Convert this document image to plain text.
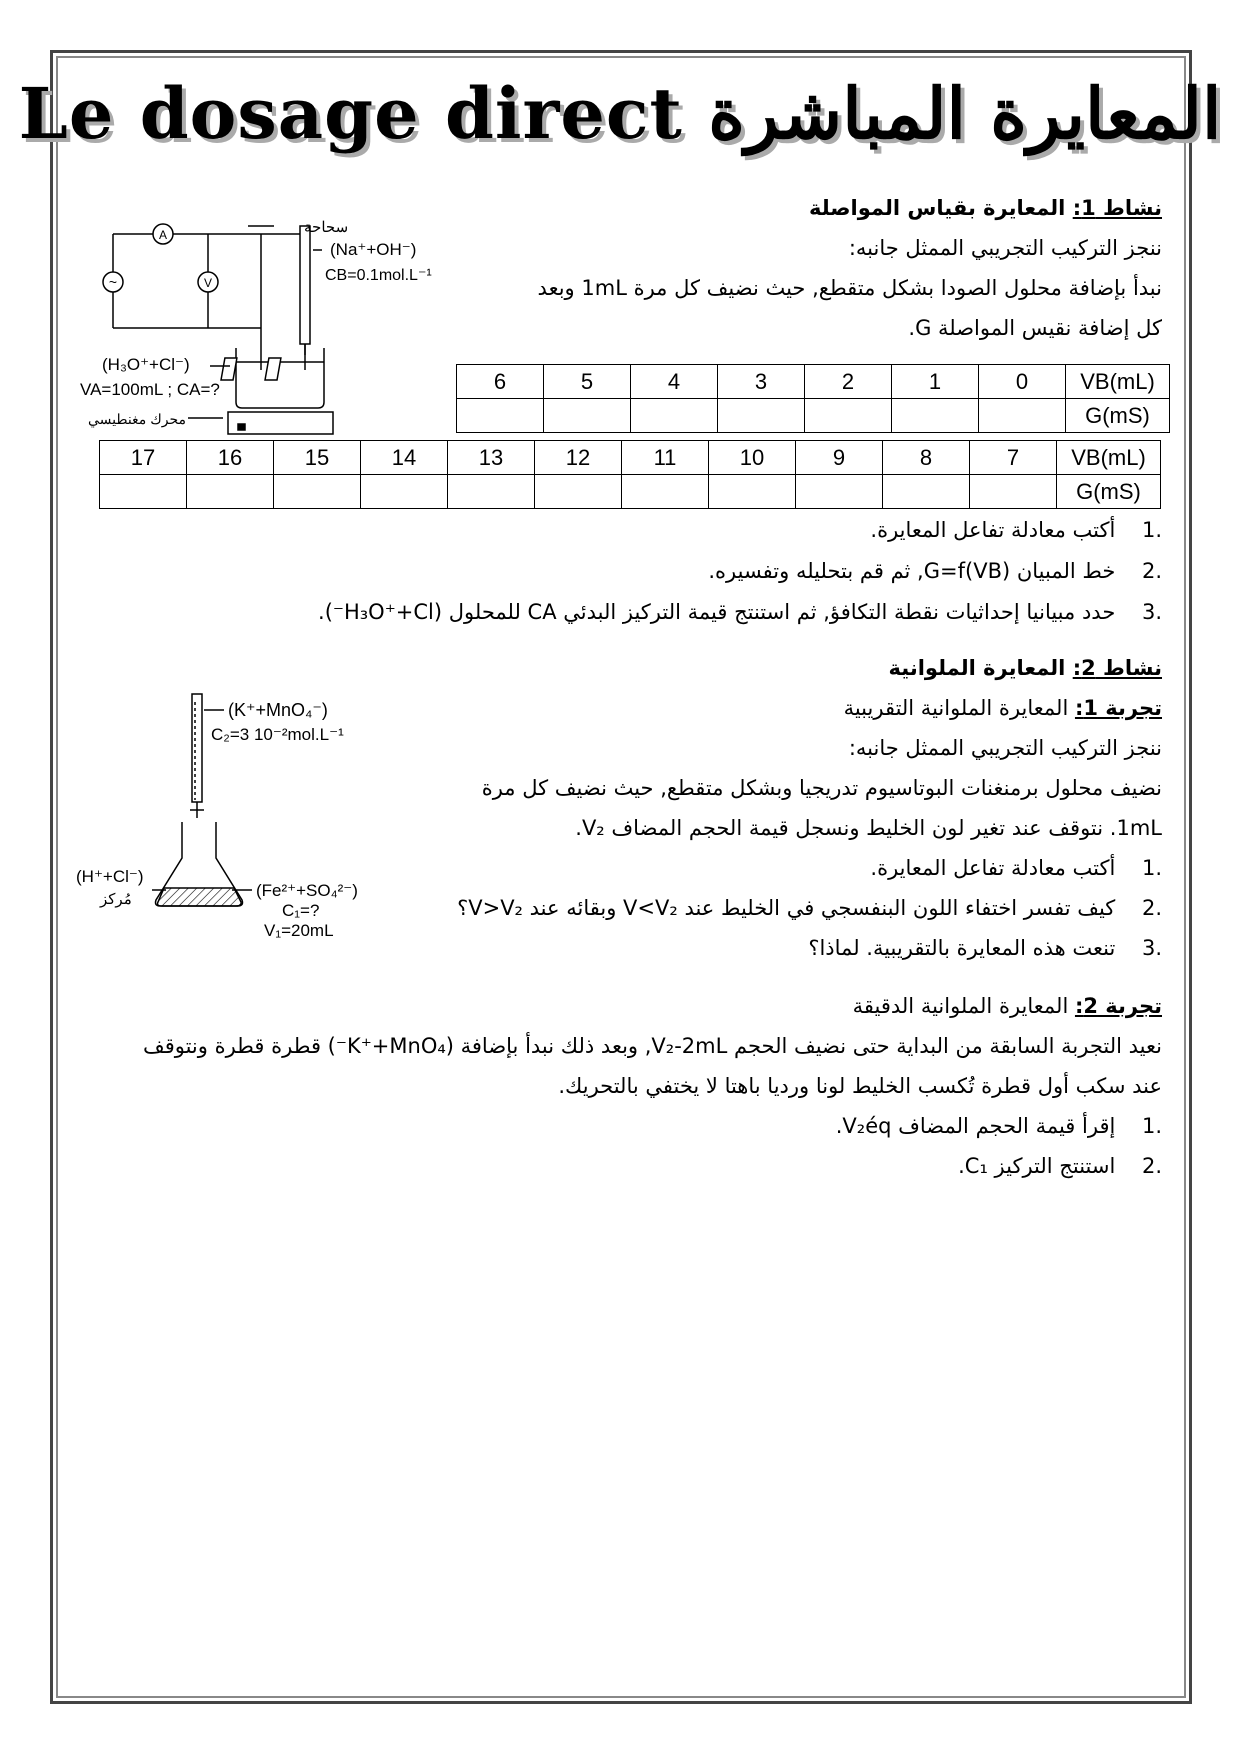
Le dosage direct المعايرة المباشرة
نشاط 1: المعايرة بقياس المواصلة
ننجز التركيب التجريبي الممثل جانبه:
نبدأ بإضافة محلول الصودا بشكل متقطع, حيث نضيف كل مرة 1mL وبعد
كل إضافة نقيس المواصلة G.
A
~	V
سحاحة
(Na⁺+OH⁻)
CB=0.1mol.L⁻¹
(H₃O⁺+Cl⁻)
VA=100mL ; CA=?
محرك مغنطيسي
6	5	4	3	2	1	0	VB(mL)
							G(mS)
17	16	15	14	13	12	11	10	9	8	7	VB(mL)
											G(mS)
.1 أكتب معادلة تفاعل المعايرة.
.2 خط المبيان G=f(VB), ثم قم بتحليله وتفسيره.
.3 حدد مبيانيا إحداثيات نقطة التكافؤ, ثم استنتج قيمة التركيز البدئي CA للمحلول (H₃O⁺+Cl⁻).
نشاط 2: المعايرة الملوانية
تجربة 1: المعايرة الملوانية التقريبية
ننجز التركيب التجريبي الممثل جانبه:
نضيف محلول برمنغنات البوتاسيوم تدريجيا وبشكل متقطع, حيث نضيف كل مرة
1mL. نتوقف عند تغير لون الخليط ونسجل قيمة الحجم المضاف V₂.
.1 أكتب معادلة تفاعل المعايرة.
.2 كيف تفسر اختفاء اللون البنفسجي في الخليط عند V<V₂ وبقائه عند V>V₂؟
.3 تنعت هذه المعايرة بالتقريبية. لماذا؟
(K⁺+MnO₄⁻)
C₂=3 10⁻²mol.L⁻¹
(H⁺+Cl⁻)
مُركز	(Fe²⁺+SO₄²⁻)
C₁=?
V₁=20mL
تجربة 2: المعايرة الملوانية الدقيقة
نعيد التجربة السابقة من البداية حتى نضيف الحجم V₂-2mL, وبعد ذلك نبدأ بإضافة (K⁺+MnO₄⁻) قطرة قطرة ونتوقف
عند سكب أول قطرة تُكسب الخليط لونا ورديا باهتا لا يختفي بالتحريك.
.1 إقرأ قيمة الحجم المضاف V₂éq.
.2 استنتج التركيز C₁.
